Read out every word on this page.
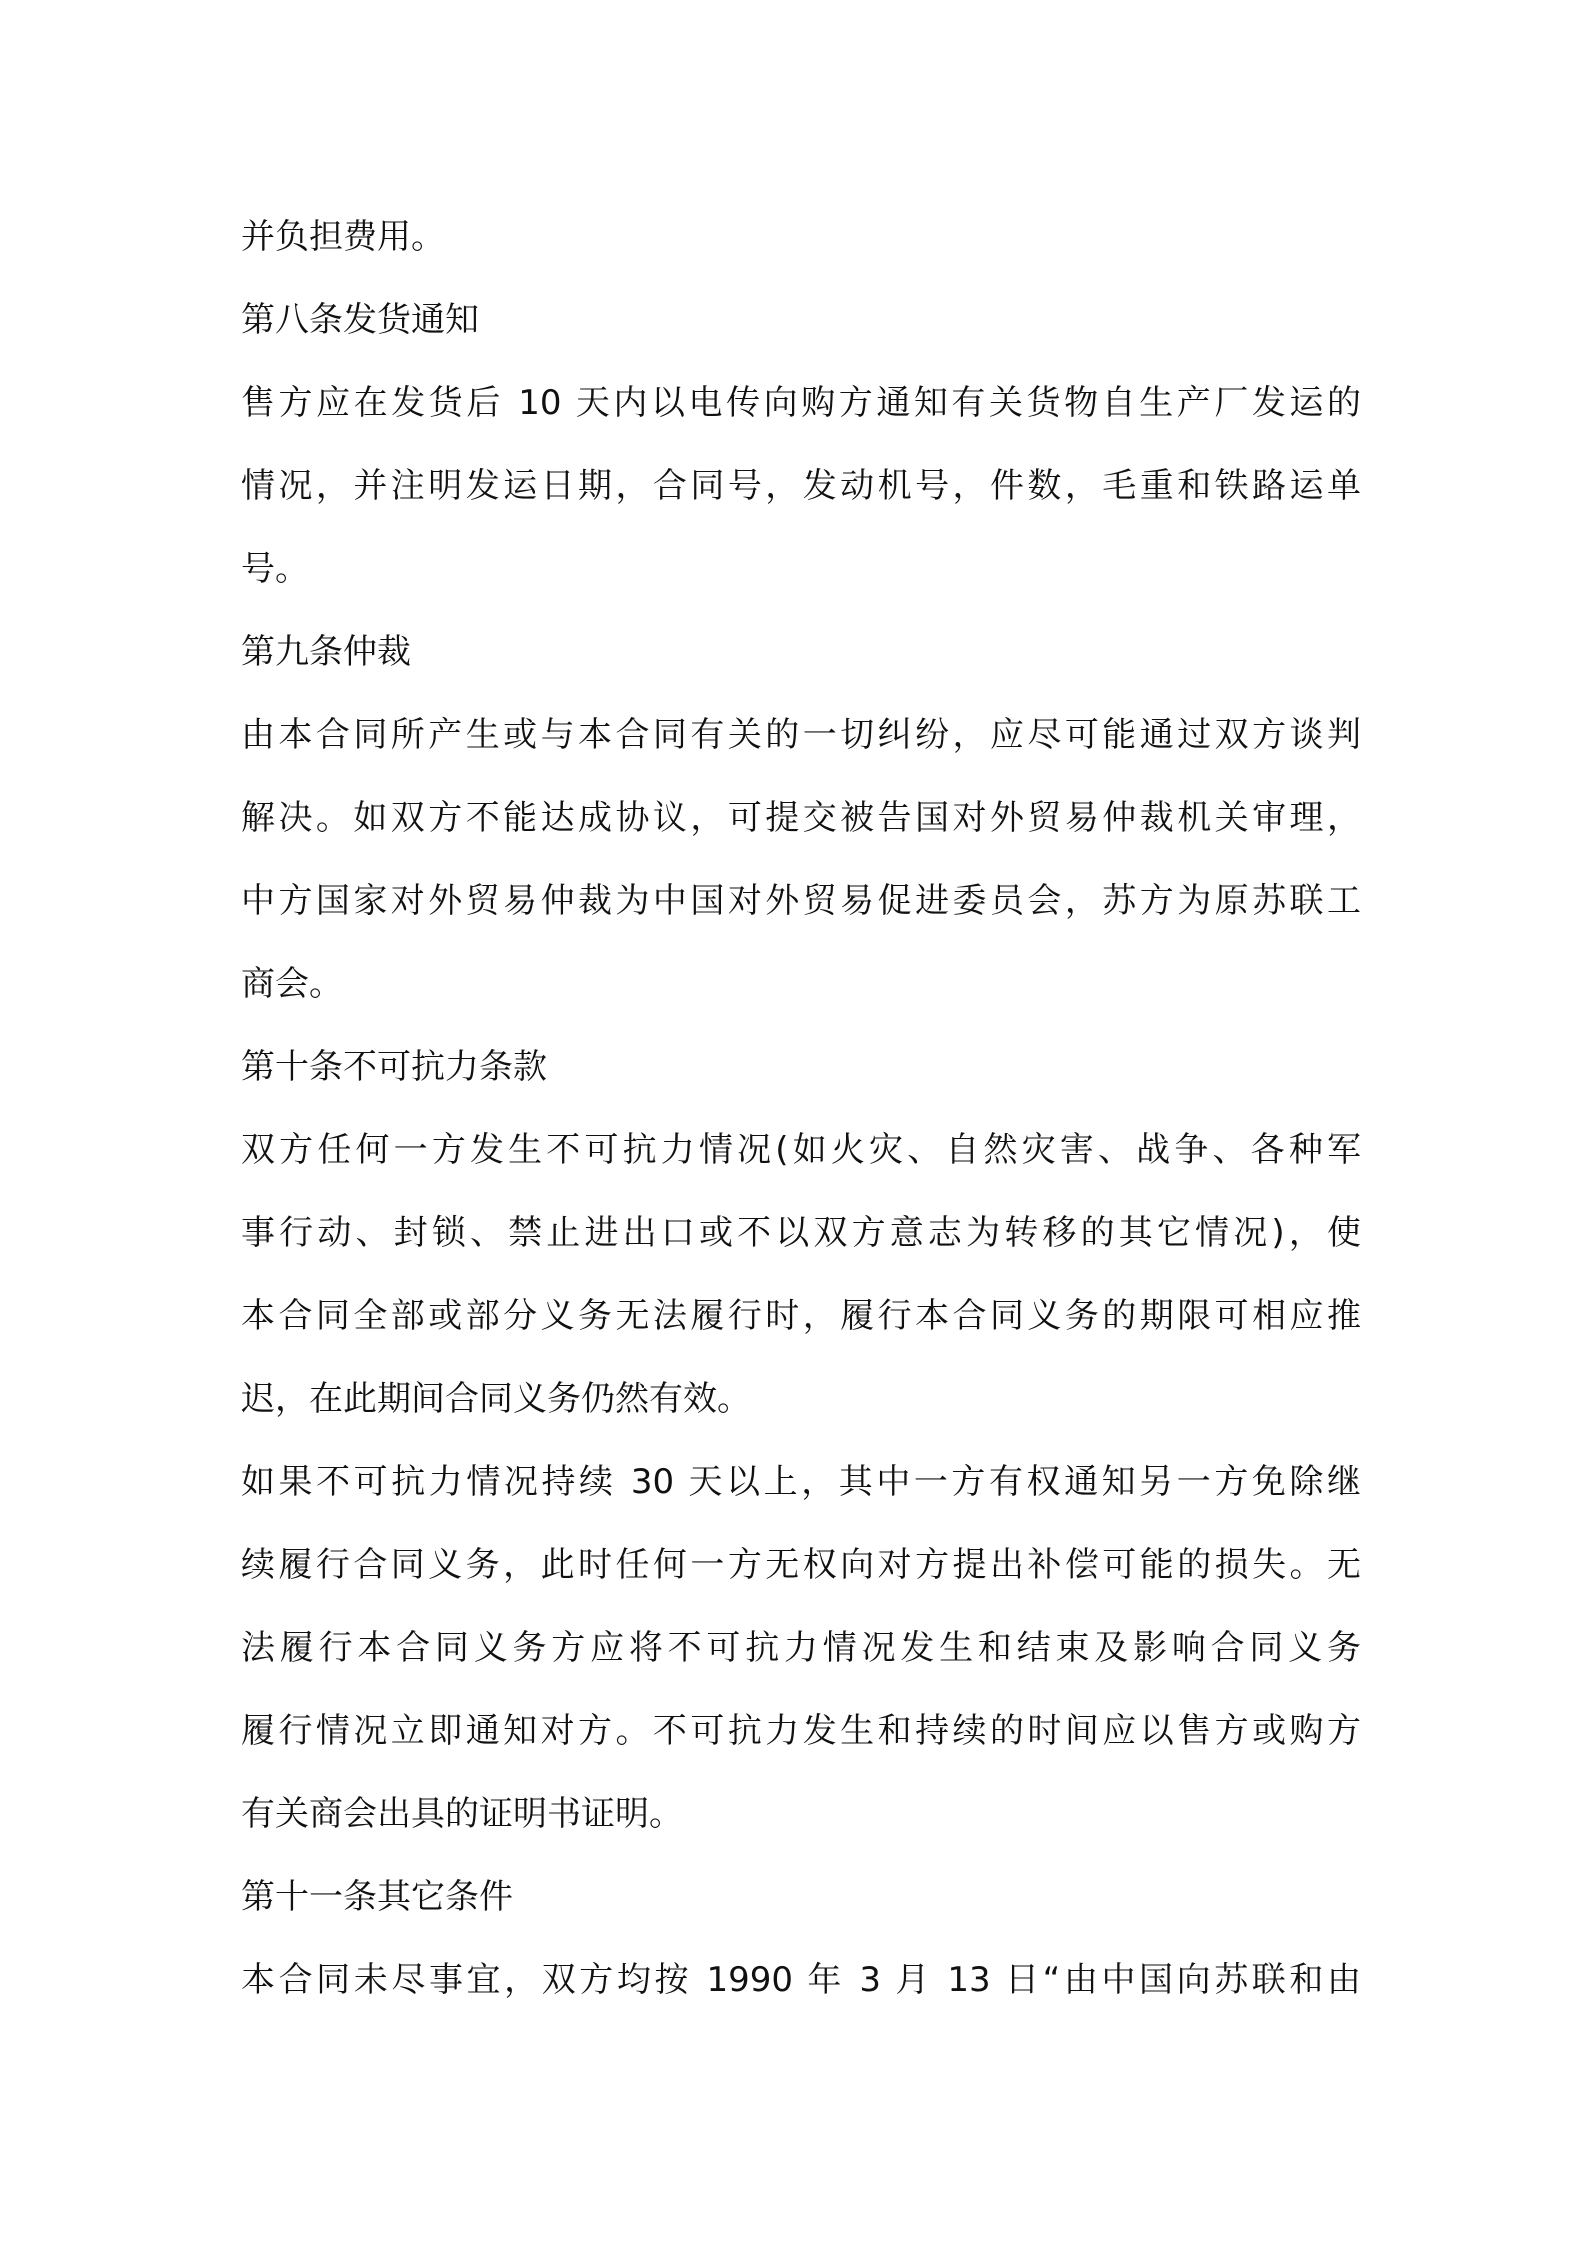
并负担费用。
第八条发货通知
售方应在发货后 10 天内以电传向购方通知有关货物自生产厂发运的
情况，并注明发运日期，合同号，发动机号，件数，毛重和铁路运单
号。
第九条仲裁
由本合同所产生或与本合同有关的一切纠纷，应尽可能通过双方谈判
解决。如双方不能达成协议，可提交被告国对外贸易仲裁机关审理，
中方国家对外贸易仲裁为中国对外贸易促进委员会，苏方为原苏联工
商会。
第十条不可抗力条款
双方任何一方发生不可抗力情况(如火灾、自然灾害、战争、各种军
事行动、封锁、禁止进出口或不以双方意志为转移的其它情况)，使
本合同全部或部分义务无法履行时，履行本合同义务的期限可相应推
迟，在此期间合同义务仍然有效。
如果不可抗力情况持续 30 天以上，其中一方有权通知另一方免除继
续履行合同义务，此时任何一方无权向对方提出补偿可能的损失。无
法履行本合同义务方应将不可抗力情况发生和结束及影响合同义务
履行情况立即通知对方。不可抗力发生和持续的时间应以售方或购方
有关商会出具的证明书证明。
第十一条其它条件
本合同未尽事宜，双方均按 1990 年 3 月 13 日“由中国向苏联和由
